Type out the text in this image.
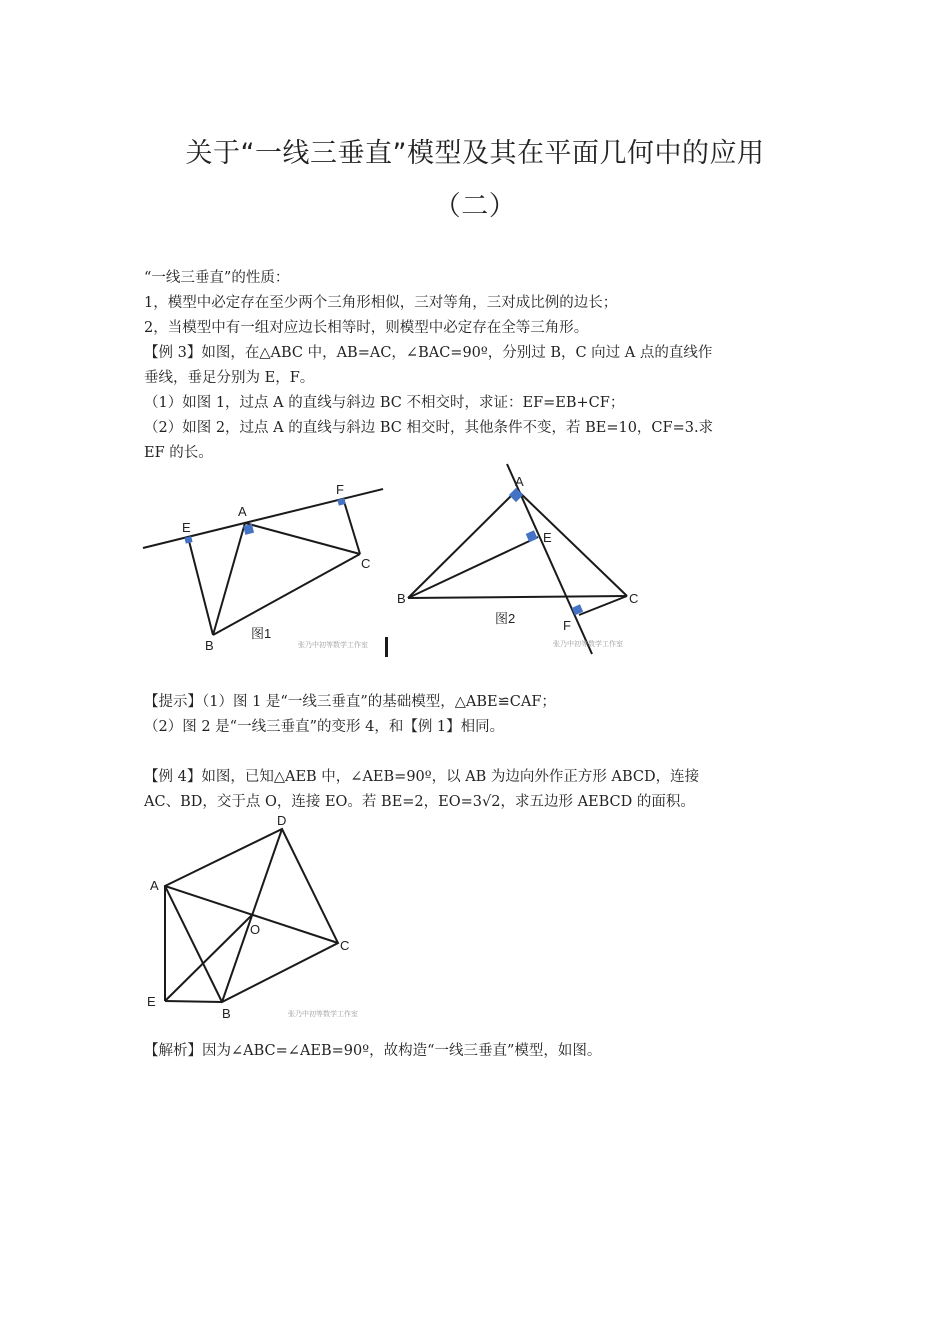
关于“一线三垂直”模型及其在平面几何中的应用
（二）
“一线三垂直”的性质：
1，模型中必定存在至少两个三角形相似，三对等角，三对成比例的边长；
2，当模型中有一组对应边长相等时，则模型中必定存在全等三角形。
【例 3】如图，在△ABC 中，AB=AC，∠BAC=90º，分别过 B，C 向过 A 点的直线作
垂线，垂足分别为 E，F。
（1）如图 1，过点 A 的直线与斜边 BC 不相交时，求证：EF=EB+CF；
（2）如图 2，过点 A 的直线与斜边 BC 相交时，其他条件不变，若 BE=10，CF=3.求
EF 的长。
E
A
F
C
B
图1
张乃中初等数学工作室
A
E
B	C
F
图2
张乃中初等数学工作室
【提示】（1）图 1 是“一线三垂直”的基础模型，△ABE≌CAF；
（2）图 2 是“一线三垂直”的变形 4，和【例 1】相同。
【例 4】如图，已知△AEB 中，∠AEB=90º，以 AB 为边向外作正方形 ABCD，连接
AC、BD，交于点 O，连接 EO。若 BE=2，EO=3√2，求五边形 AEBCD 的面积。
D
A
O
C
E
B	张乃中初等数学工作室
【解析】因为∠ABC=∠AEB=90º，故构造“一线三垂直”模型，如图。
